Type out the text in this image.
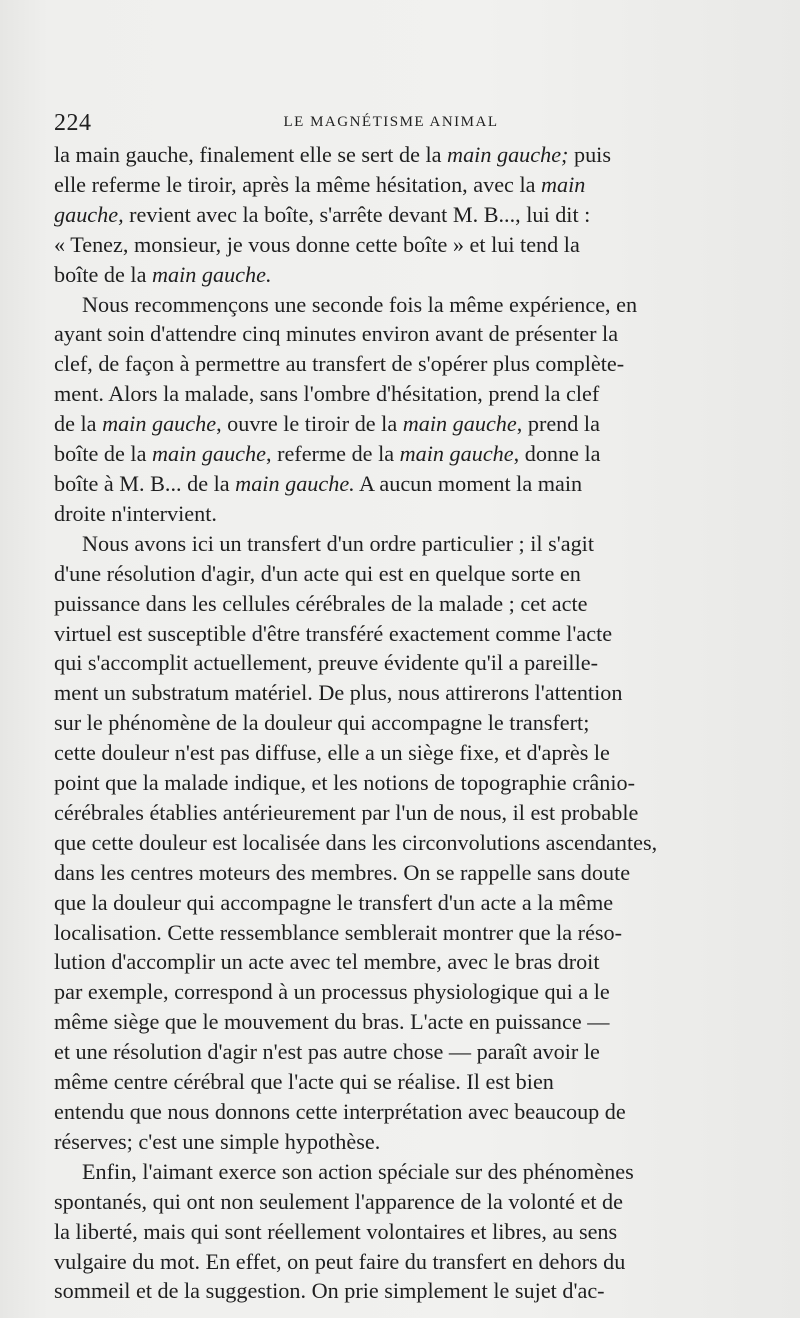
224	LE MAGNÉTISME ANIMAL

la main gauche, finalement elle se sert de la main gauche; puis
elle referme le tiroir, après la même hésitation, avec la main
gauche, revient avec la boîte, s'arrête devant M. B..., lui dit :
« Tenez, monsieur, je vous donne cette boîte » et lui tend la
boîte de la main gauche.

Nous recommençons une seconde fois la même expérience, en
ayant soin d'attendre cinq minutes environ avant de présenter la
clef, de façon à permettre au transfert de s'opérer plus complète-
ment. Alors la malade, sans l'ombre d'hésitation, prend la clef
de la main gauche, ouvre le tiroir de la main gauche, prend la
boîte de la main gauche, referme de la main gauche, donne la
boîte à M. B... de la main gauche. A aucun moment la main
droite n'intervient.

Nous avons ici un transfert d'un ordre particulier ; il s'agit
d'une résolution d'agir, d'un acte qui est en quelque sorte en
puissance dans les cellules cérébrales de la malade ; cet acte
virtuel est susceptible d'être transféré exactement comme l'acte
qui s'accomplit actuellement, preuve évidente qu'il a pareille-
ment un substratum matériel. De plus, nous attirerons l'attention
sur le phénomène de la douleur qui accompagne le transfert;
cette douleur n'est pas diffuse, elle a un siège fixe, et d'après le
point que la malade indique, et les notions de topographie crânio-
cérébrales établies antérieurement par l'un de nous, il est probable
que cette douleur est localisée dans les circonvolutions ascendantes,
dans les centres moteurs des membres. On se rappelle sans doute
que la douleur qui accompagne le transfert d'un acte a la même
localisation. Cette ressemblance semblerait montrer que la réso-
lution d'accomplir un acte avec tel membre, avec le bras droit
par exemple, correspond à un processus physiologique qui a le
même siège que le mouvement du bras. L'acte en puissance —
et une résolution d'agir n'est pas autre chose — paraît avoir le
même centre cérébral que l'acte qui se réalise. Il est bien
entendu que nous donnons cette interprétation avec beaucoup de
réserves; c'est une simple hypothèse.

Enfin, l'aimant exerce son action spéciale sur des phénomènes
spontanés, qui ont non seulement l'apparence de la volonté et de
la liberté, mais qui sont réellement volontaires et libres, au sens
vulgaire du mot. En effet, on peut faire du transfert en dehors du
sommeil et de la suggestion. On prie simplement le sujet d'ac-
